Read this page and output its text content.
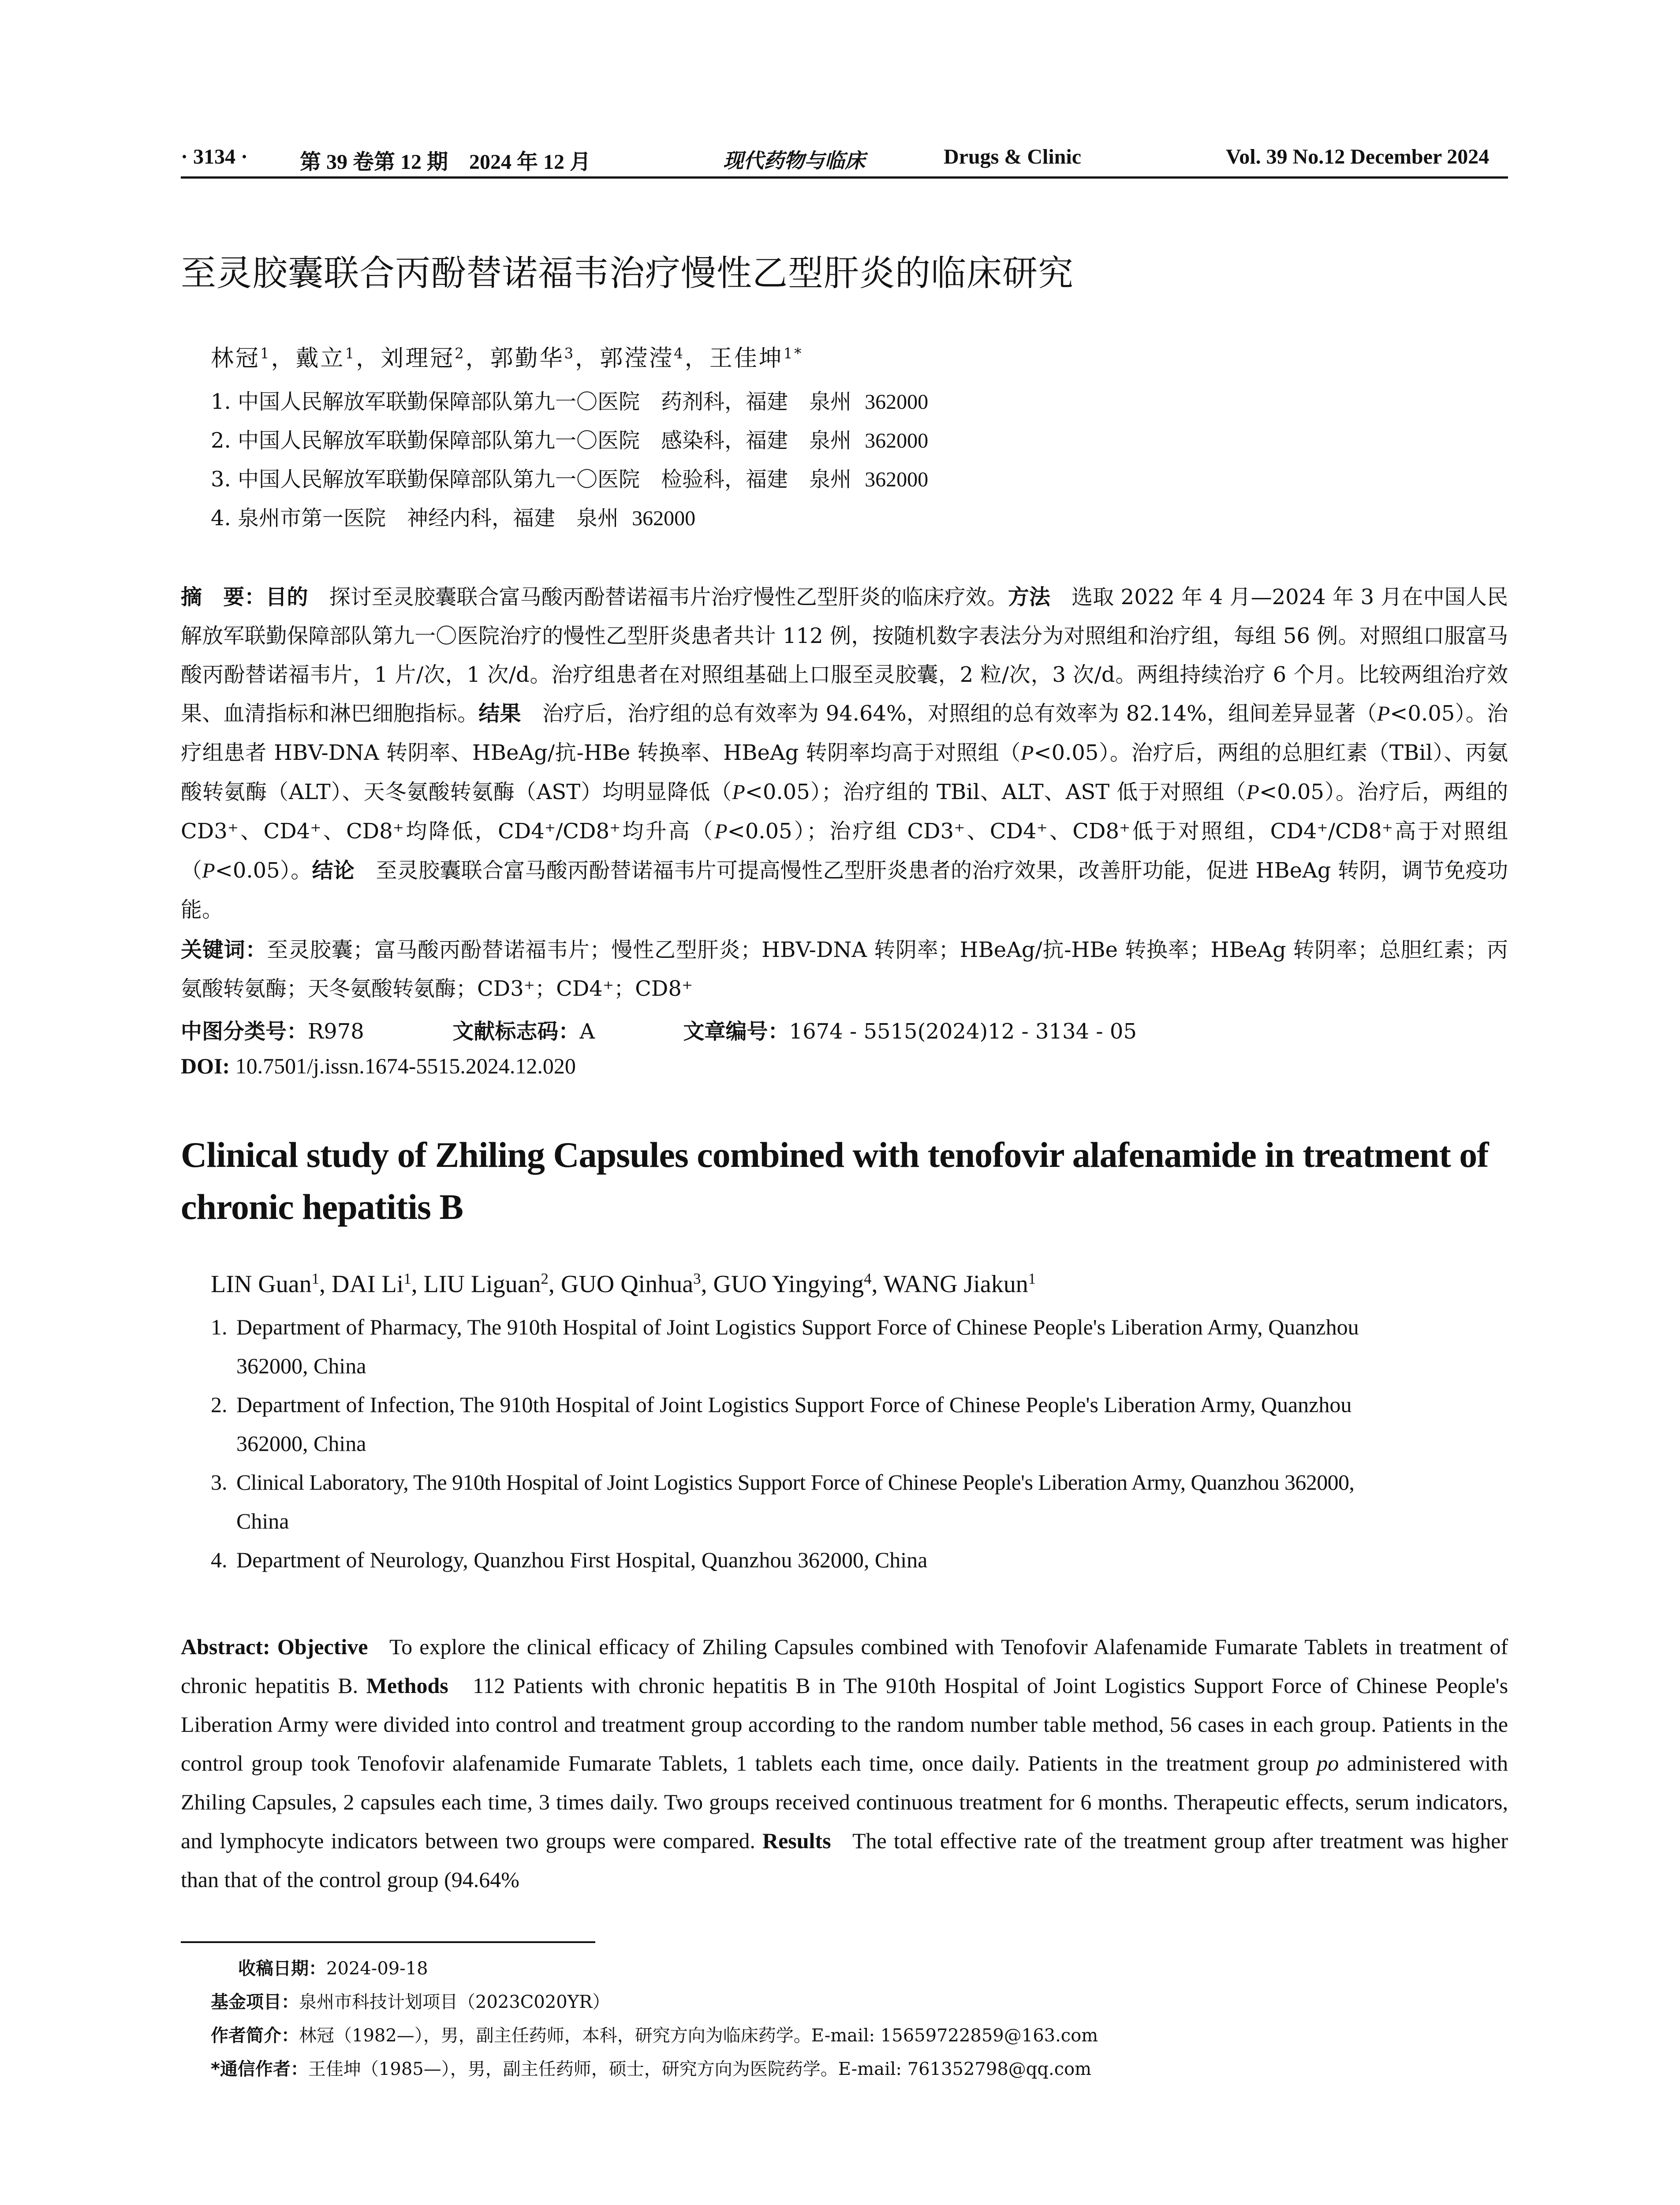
· 3134 · 第 39 卷第 12 期　2024 年 12 月	现代药物与临床	Drugs & Clinic	Vol. 39 No.12 December 2024
至灵胶囊联合丙酚替诺福韦治疗慢性乙型肝炎的临床研究
林冠$^1$，戴立$^1$，刘理冠$^2$，郭勤华$^3$，郭滢滢$^4$，王佳坤$^{1*}$
1. 中国人民解放军联勤保障部队第九一〇医院　药剂科，福建　泉州 362000
2. 中国人民解放军联勤保障部队第九一〇医院　感染科，福建　泉州 362000
3. 中国人民解放军联勤保障部队第九一〇医院　检验科，福建　泉州 362000
4. 泉州市第一医院　神经内科，福建　泉州 362000
摘　要：目的　 探讨至灵胶囊联合富马酸丙酚替诺福韦片治疗慢性乙型肝炎的临床疗效。方法　 选取 2022 年 4 月—2024 年 3 月在中国人民解放军联勤保障部队第九一〇医院治疗的慢性乙型肝炎患者共计 112 例，按随机数字表法分为对照组和治疗组，每组 56 例。对照组口服富马酸丙酚替诺福韦片，1 片/次，1 次/d。治疗组患者在对照组基础上口服至灵胶囊，2 粒/次，3 次/d。两组持续治疗 6 个月。比较两组治疗效果、血清指标和淋巴细胞指标。结果　 治疗后，治疗组的总有效率为 94.64%，对照组的总有效率为 82.14%，组间差异显著（P<0.05）。治疗组患者 HBV-DNA 转阴率、HBeAg/抗-HBe 转换率、HBeAg 转阴率均高于对照组（P<0.05）。治疗后，两组的总胆红素（TBil）、丙氨酸转氨酶（ALT）、天冬氨酸转氨酶（AST）均明显降低（P<0.05）；治疗组的 TBil、ALT、AST 低于对照组（P<0.05）。治疗后，两组的 CD3⁺、CD4⁺、CD8⁺均降低，CD4⁺/CD8⁺均升高（P<0.05）；治疗组 CD3⁺、CD4⁺、CD8⁺低于对照组，CD4⁺/CD8⁺高于对照组（P<0.05）。结论　 至灵胶囊联合富马酸丙酚替诺福韦片可提高慢性乙型肝炎患者的治疗效果，改善肝功能，促进 HBeAg 转阴，调节免疫功能。
关键词：至灵胶囊；富马酸丙酚替诺福韦片；慢性乙型肝炎；HBV-DNA 转阴率；HBeAg/抗-HBe 转换率；HBeAg 转阴率；总胆红素；丙氨酸转氨酶；天冬氨酸转氨酶；CD3⁺；CD4⁺；CD8⁺
中图分类号：R978	文献标志码：A	文章编号：1674 - 5515(2024)12 - 3134 - 05
DOI: 10.7501/j.issn.1674-5515.2024.12.020
Clinical study of Zhiling Capsules combined with tenofovir alafenamide in treatment of chronic hepatitis B
LIN Guan$^1$, DAI Li$^1$, LIU Liguan$^2$, GUO Qinhua$^3$, GUO Yingying$^4$, WANG Jiakun$^1$
1. Department of Pharmacy, The 910th Hospital of Joint Logistics Support Force of Chinese People's Liberation Army, Quanzhou
362000, China
2. Department of Infection, The 910th Hospital of Joint Logistics Support Force of Chinese People's Liberation Army, Quanzhou
362000, China
3. Clinical Laboratory, The 910th Hospital of Joint Logistics Support Force of Chinese People's Liberation Army, Quanzhou 362000,
China
4. Department of Neurology, Quanzhou First Hospital, Quanzhou 362000, China
Abstract: Objective To explore the clinical efficacy of Zhiling Capsules combined with Tenofovir Alafenamide Fumarate Tablets in treatment of chronic hepatitis B. Methods 112 Patients with chronic hepatitis B in The 910th Hospital of Joint Logistics Support Force of Chinese People's Liberation Army were divided into control and treatment group according to the random number table method, 56 cases in each group. Patients in the control group took Tenofovir alafenamide Fumarate Tablets, 1 tablets each time, once daily. Patients in the treatment group po administered with Zhiling Capsules, 2 capsules each time, 3 times daily. Two groups received continuous treatment for 6 months. Therapeutic effects, serum indicators, and lymphocyte indicators between two groups were compared. Results The total effective rate of the treatment group after treatment was higher than that of the control group (94.64%
收稿日期：2024-09-18
基金项目：泉州市科技计划项目（2023C020YR）
作者简介：林冠（1982—），男，副主任药师，本科，研究方向为临床药学。E-mail: 15659722859@163.com
*通信作者：王佳坤（1985—），男，副主任药师，硕士，研究方向为医院药学。E-mail: 761352798@qq.com
